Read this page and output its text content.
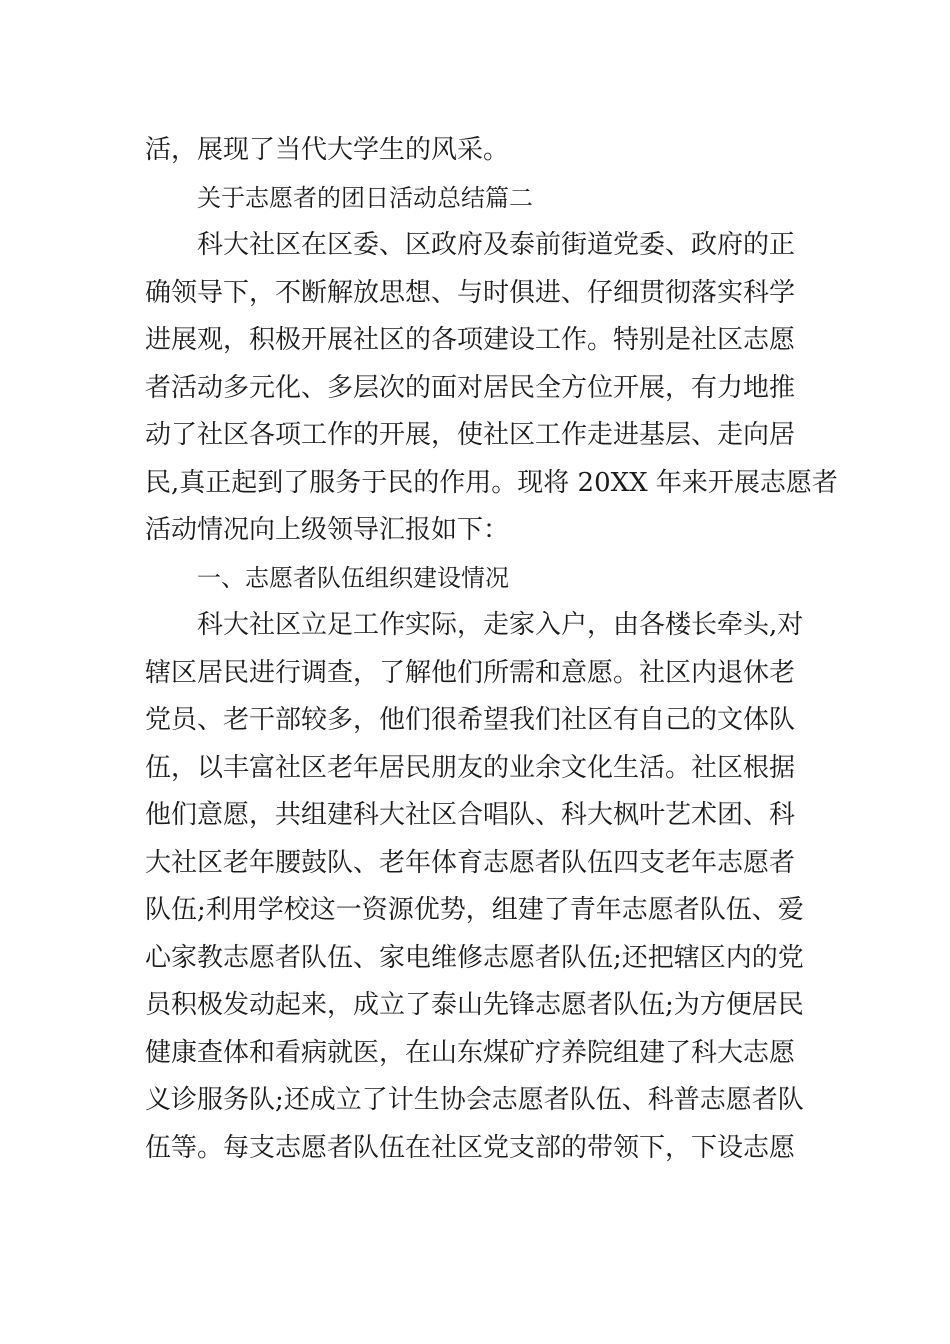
活，展现了当代大学生的风采。
关于志愿者的团日活动总结篇二
科大社区在区委、区政府及泰前街道党委、政府的正
确领导下，不断解放思想、与时俱进、仔细贯彻落实科学
进展观，积极开展社区的各项建设工作。特别是社区志愿
者活动多元化、多层次的面对居民全方位开展，有力地推
动了社区各项工作的开展，使社区工作走进基层、走向居
民,真正起到了服务于民的作用。现将 20XX 年来开展志愿者
活动情况向上级领导汇报如下：
一、志愿者队伍组织建设情况
科大社区立足工作实际，走家入户，由各楼长牵头,对
辖区居民进行调查，了解他们所需和意愿。社区内退休老
党员、老干部较多，他们很希望我们社区有自己的文体队
伍，以丰富社区老年居民朋友的业余文化生活。社区根据
他们意愿，共组建科大社区合唱队、科大枫叶艺术团、科
大社区老年腰鼓队、老年体育志愿者队伍四支老年志愿者
队伍;利用学校这一资源优势，组建了青年志愿者队伍、爱
心家教志愿者队伍、家电维修志愿者队伍;还把辖区内的党
员积极发动起来，成立了泰山先锋志愿者队伍;为方便居民
健康查体和看病就医，在山东煤矿疗养院组建了科大志愿
义诊服务队;还成立了计生协会志愿者队伍、科普志愿者队
伍等。每支志愿者队伍在社区党支部的带领下，下设志愿
